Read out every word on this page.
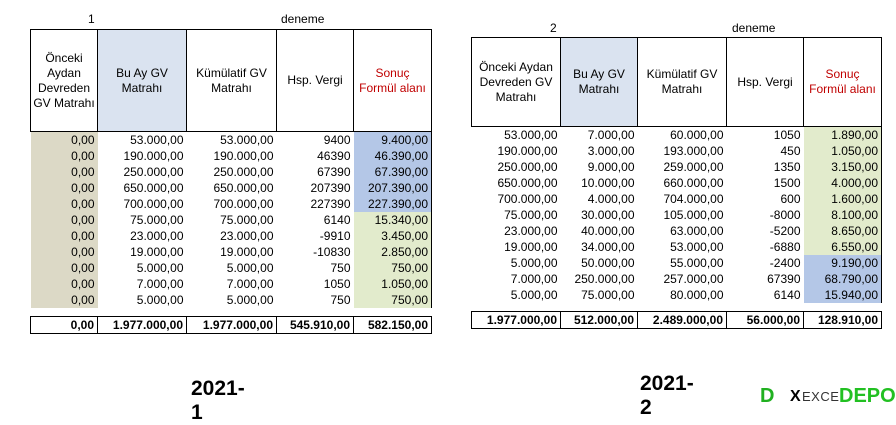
1	deneme
Önceki Aydan Devreden GV Matrahı	Bu Ay GV Matrahı	Kümülatif GV Matrahı	Hsp. Vergi	Sonuç Formül alanı
0,00	53.000,00	53.000,00	9400	9.400,00
0,00	190.000,00	190.000,00	46390	46.390,00
0,00	250.000,00	250.000,00	67390	67.390,00
0,00	650.000,00	650.000,00	207390	207.390,00
0,00	700.000,00	700.000,00	227390	227.390,00
0,00	75.000,00	75.000,00	6140	15.340,00
0,00	23.000,00	23.000,00	-9910	3.450,00
0,00	19.000,00	19.000,00	-10830	2.850,00
0,00	5.000,00	5.000,00	750	750,00
0,00	7.000,00	7.000,00	1050	1.050,00
0,00	5.000,00	5.000,00	750	750,00

0,00	1.977.000,00	1.977.000,00	545.910,00	582.150,00
2021-1
2	deneme
Önceki Aydan Devreden GV Matrahı	Bu Ay GV Matrahı	Kümülatif GV Matrahı	Hsp. Vergi	Sonuç Formül alanı
53.000,00	7.000,00	60.000,00	1050	1.890,00
190.000,00	3.000,00	193.000,00	450	1.050,00
250.000,00	9.000,00	259.000,00	1350	3.150,00
650.000,00	10.000,00	660.000,00	1500	4.000,00
700.000,00	4.000,00	704.000,00	600	1.600,00
75.000,00	30.000,00	105.000,00	-8000	8.100,00
23.000,00	40.000,00	63.000,00	-5200	8.650,00
19.000,00	34.000,00	53.000,00	-6880	6.550,00
5.000,00	50.000,00	55.000,00	-2400	9.190,00
7.000,00	250.000,00	257.000,00	67390	68.790,00
5.000,00	75.000,00	80.000,00	6140	15.940,00

1.977.000,00	512.000,00	2.489.000,00	56.000,00	128.910,00
2021-2	D X EXCE DEPO
